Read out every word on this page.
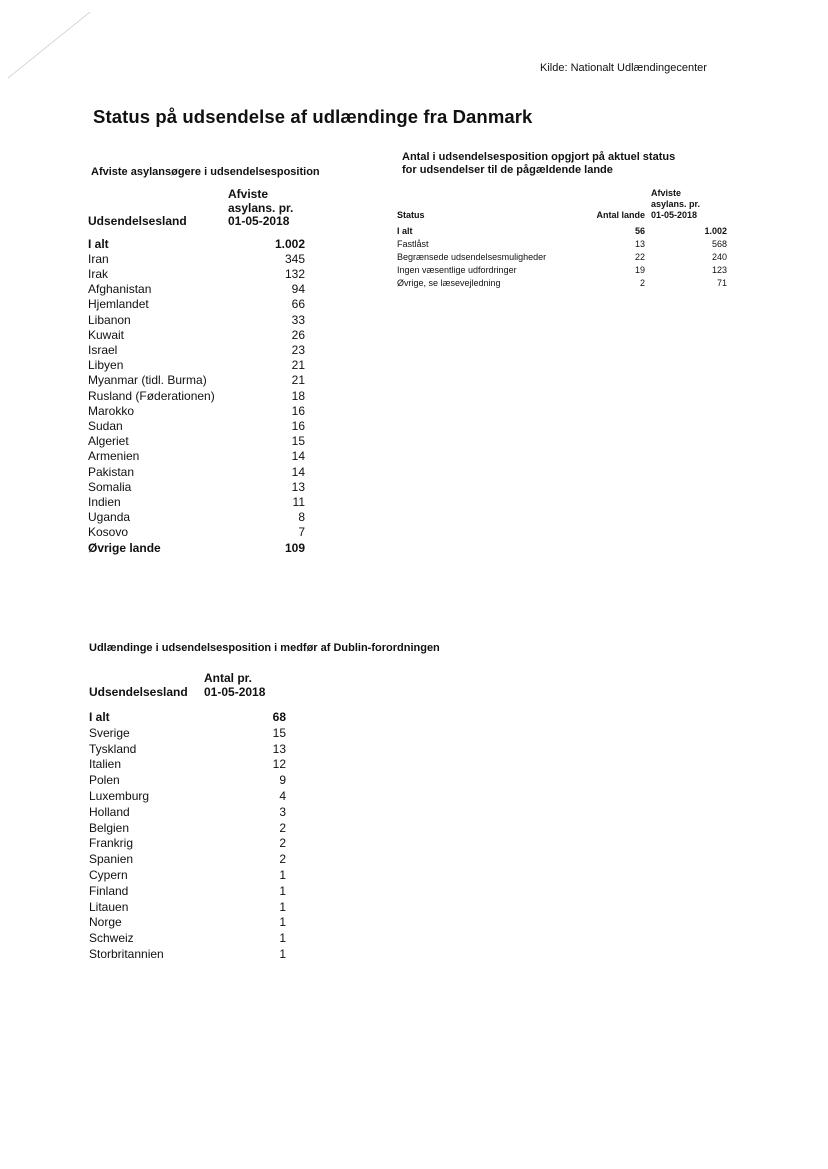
Kilde: Nationalt Udlændingecenter
Status på udsendelse af udlændinge fra Danmark
Afviste asylansøgere i udsendelsesposition
Udsendelsesland	Afviste
asylans. pr.
01-05-2018

I alt	1.002
Iran	345
Irak	132
Afghanistan	94
Hjemlandet	66
Libanon	33
Kuwait	26
Israel	23
Libyen	21
Myanmar (tidl. Burma)	21
Rusland (Føderationen)	18
Marokko	16
Sudan	16
Algeriet	15
Armenien	14
Pakistan	14
Somalia	13
Indien	11
Uganda	8
Kosovo	7
Øvrige lande	109
Antal i udsendelsesposition opgjort på aktuel status
for udsendelser til de pågældende lande
Status	Antal lande	Afviste
asylans. pr.
01-05-2018

I alt	56	1.002
Fastlåst	13	568
Begrænsede udsendelsesmuligheder	22	240
Ingen væsentlige udfordringer	19	123
Øvrige, se læsevejledning	2	71
Udlændinge i udsendelsesposition i medfør af Dublin-forordningen
Udsendelsesland	Antal pr.
01-05-2018

I alt	68
Sverige	15
Tyskland	13
Italien	12
Polen	9
Luxemburg	4
Holland	3
Belgien	2
Frankrig	2
Spanien	2
Cypern	1
Finland	1
Litauen	1
Norge	1
Schweiz	1
Storbritannien	1
